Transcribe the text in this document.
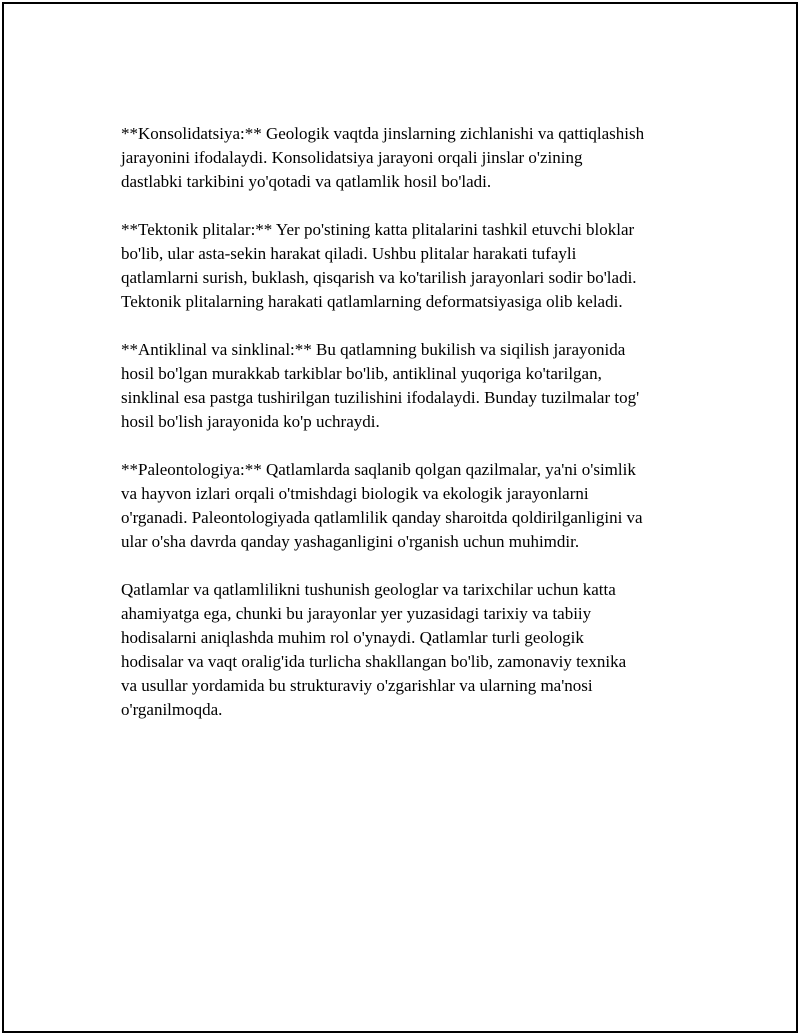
**Konsolidatsiya:** Geologik vaqtda jinslarning zichlanishi va qattiqlashish
jarayonini ifodalaydi. Konsolidatsiya jarayoni orqali jinslar o'zining
dastlabki tarkibini yo'qotadi va qatlamlik hosil bo'ladi.

**Tektonik plitalar:** Yer po'stining katta plitalarini tashkil etuvchi bloklar
bo'lib, ular asta-sekin harakat qiladi. Ushbu plitalar harakati tufayli
qatlamlarni surish, buklash, qisqarish va ko'tarilish jarayonlari sodir bo'ladi.
Tektonik plitalarning harakati qatlamlarning deformatsiyasiga olib keladi.

**Antiklinal va sinklinal:** Bu qatlamning bukilish va siqilish jarayonida
hosil bo'lgan murakkab tarkiblar bo'lib, antiklinal yuqoriga ko'tarilgan,
sinklinal esa pastga tushirilgan tuzilishini ifodalaydi. Bunday tuzilmalar tog'
hosil bo'lish jarayonida ko'p uchraydi.

**Paleontologiya:** Qatlamlarda saqlanib qolgan qazilmalar, ya'ni o'simlik
va hayvon izlari orqali o'tmishdagi biologik va ekologik jarayonlarni
o'rganadi. Paleontologiyada qatlamlilik qanday sharoitda qoldirilganligini va
ular o'sha davrda qanday yashaganligini o'rganish uchun muhimdir.

Qatlamlar va qatlamlilikni tushunish geologlar va tarixchilar uchun katta
ahamiyatga ega, chunki bu jarayonlar yer yuzasidagi tarixiy va tabiiy
hodisalarni aniqlashda muhim rol o'ynaydi. Qatlamlar turli geologik
hodisalar va vaqt oralig'ida turlicha shakllangan bo'lib, zamonaviy texnika
va usullar yordamida bu strukturaviy o'zgarishlar va ularning ma'nosi
o'rganilmoqda.
